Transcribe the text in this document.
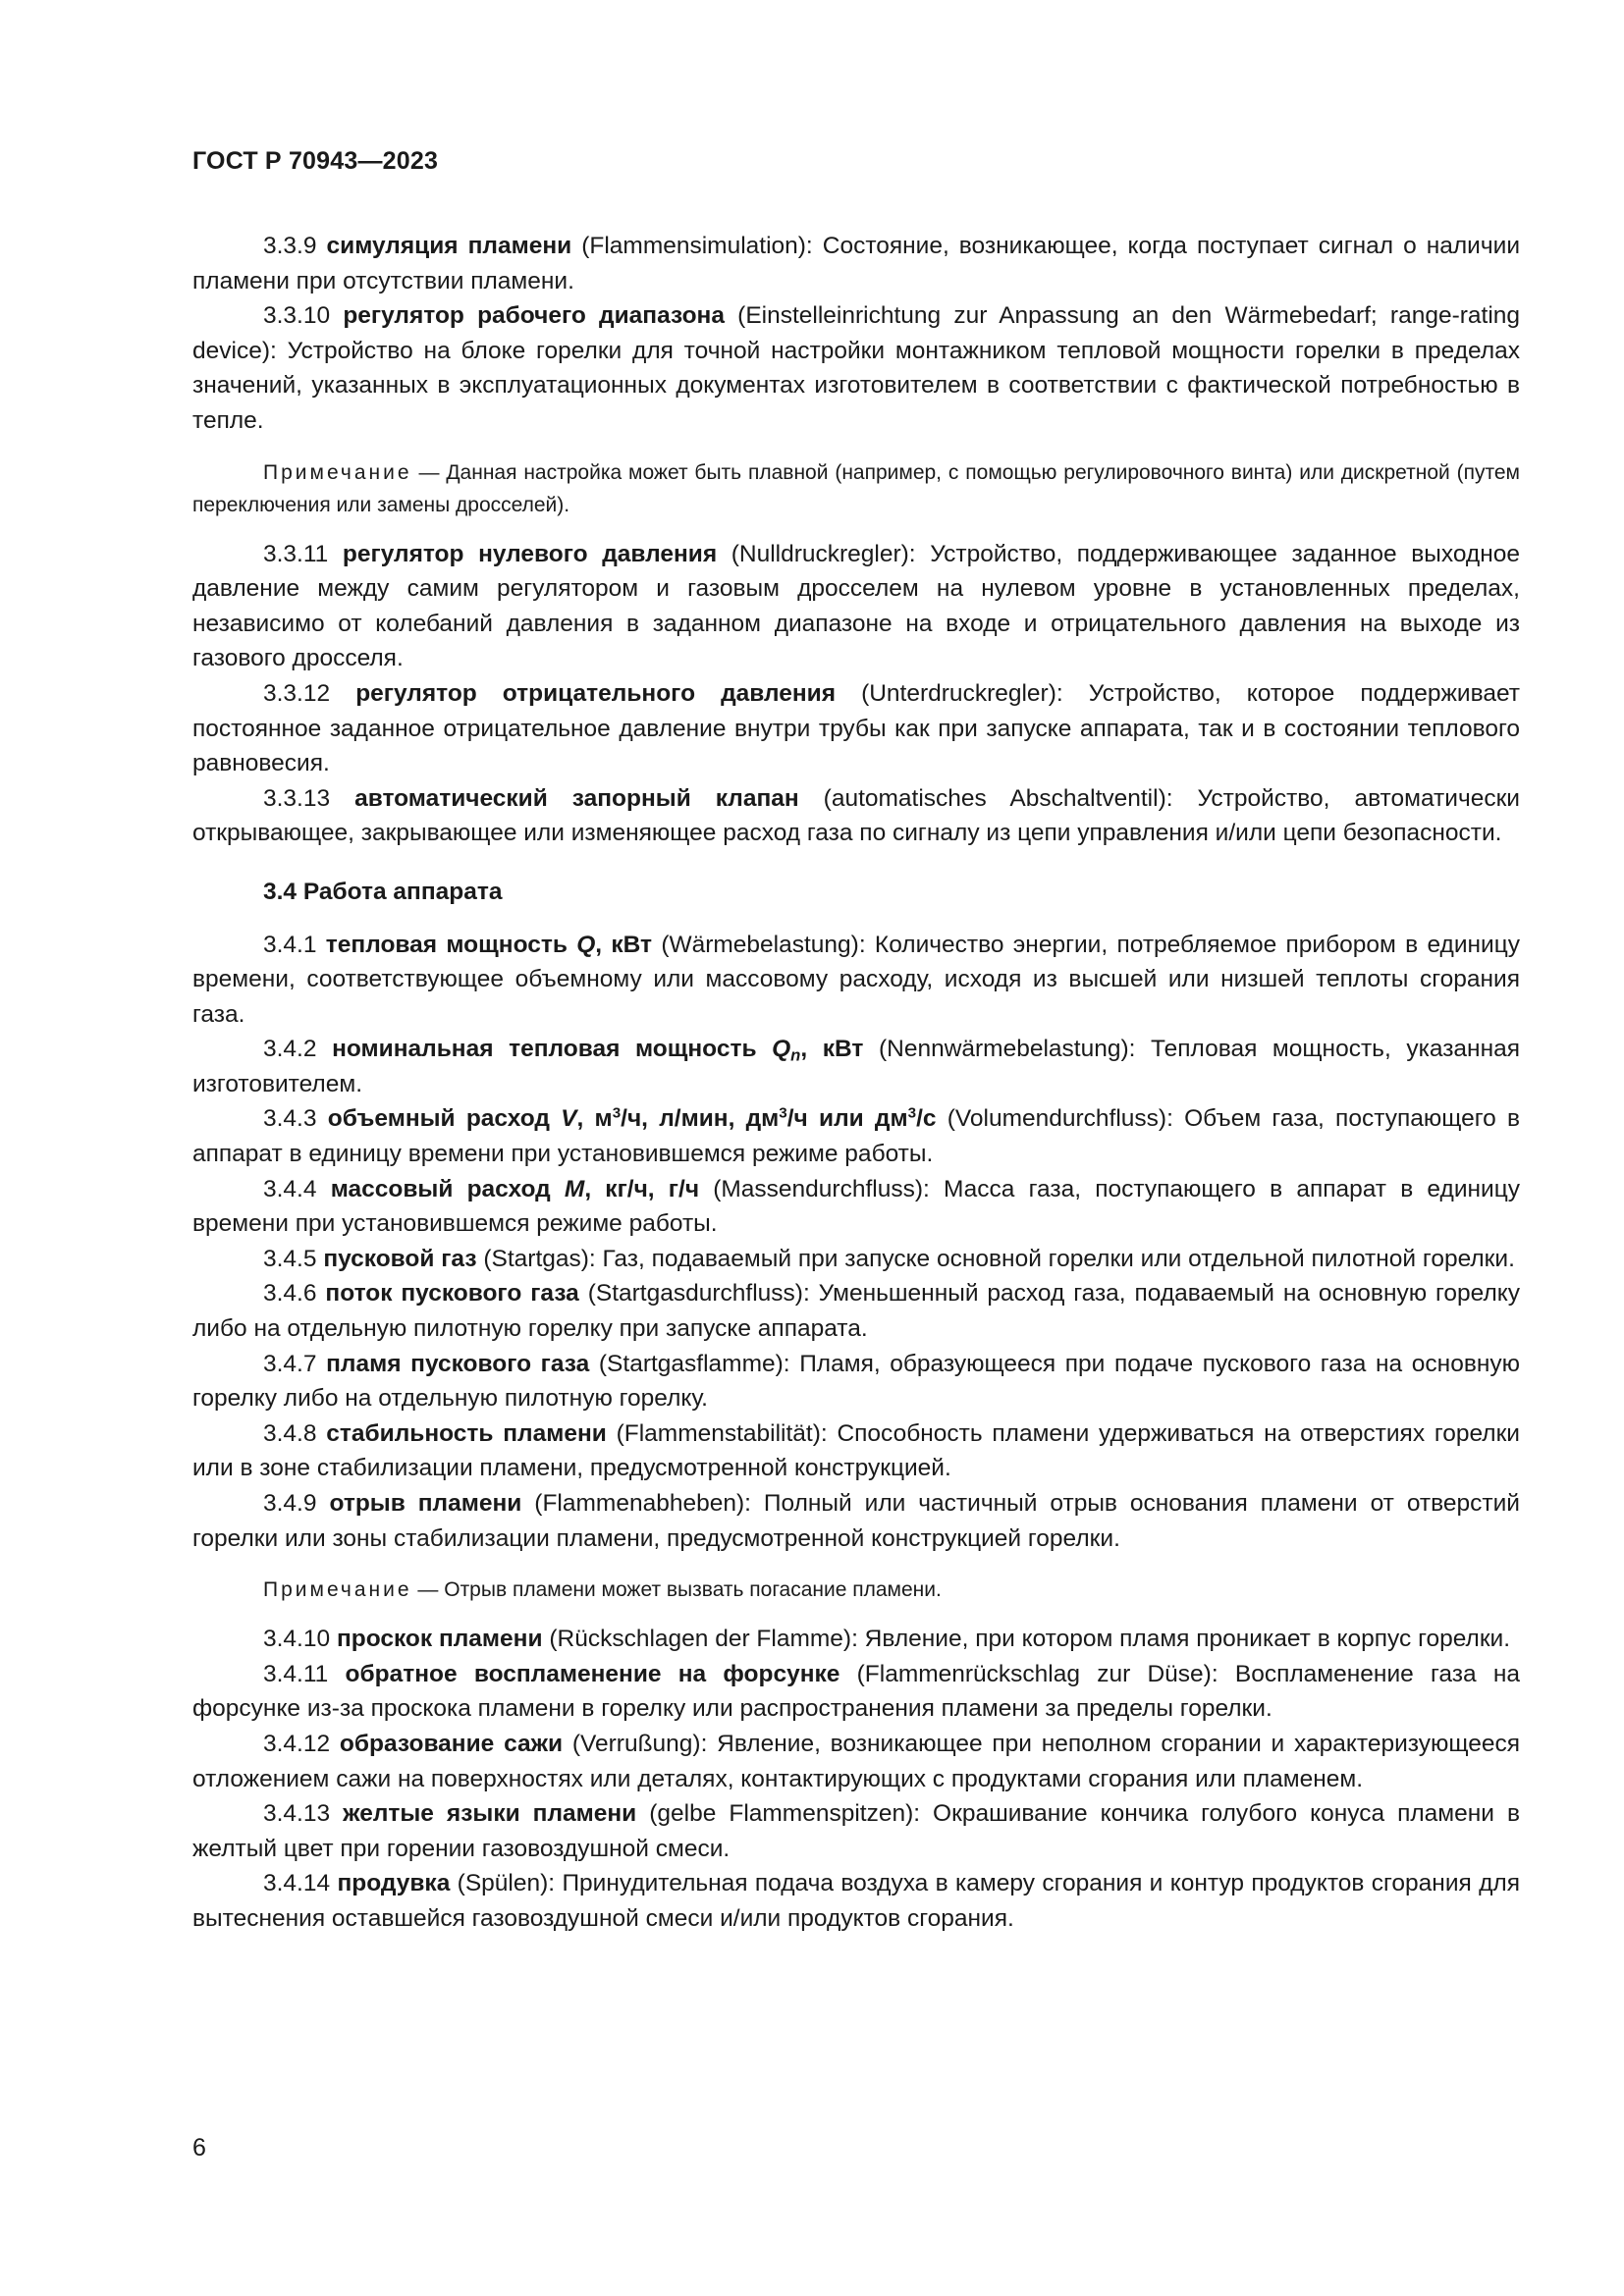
ГОСТ Р 70943—2023

3.3.9 симуляция пламени (Flammensimulation): Состояние, возникающее, когда поступает сигнал о наличии пламени при отсутствии пламени.

3.3.10 регулятор рабочего диапазона (Einstelleinrichtung zur Anpassung an den Wärmebedarf; range-rating device): Устройство на блоке горелки для точной настройки монтажником тепловой мощности горелки в пределах значений, указанных в эксплуатационных документах изготовителем в соответствии с фактической потребностью в тепле.

Примечание — Данная настройка может быть плавной (например, с помощью регулировочного винта) или дискретной (путем переключения или замены дросселей).

3.3.11 регулятор нулевого давления (Nulldruckregler): Устройство, поддерживающее заданное выходное давление между самим регулятором и газовым дросселем на нулевом уровне в установленных пределах, независимо от колебаний давления в заданном диапазоне на входе и отрицательного давления на выходе из газового дросселя.

3.3.12 регулятор отрицательного давления (Unterdruckregler): Устройство, которое поддерживает постоянное заданное отрицательное давление внутри трубы как при запуске аппарата, так и в состоянии теплового равновесия.

3.3.13 автоматический запорный клапан (automatisches Abschaltventil): Устройство, автоматически открывающее, закрывающее или изменяющее расход газа по сигналу из цепи управления и/или цепи безопасности.

3.4 Работа аппарата

3.4.1 тепловая мощность Q, кВт (Wärmebelastung): Количество энергии, потребляемое прибором в единицу времени, соответствующее объемному или массовому расходу, исходя из высшей или низшей теплоты сгорания газа.

3.4.2 номинальная тепловая мощность $Q_n$, кВт (Nennwärmebelastung): Тепловая мощность, указанная изготовителем.

3.4.3 объемный расход V, $м^3/ч$, л/мин, $дм^3/ч$ или $дм^3/с$ (Volumendurchfluss): Объем газа, поступающего в аппарат в единицу времени при установившемся режиме работы.

3.4.4 массовый расход M, кг/ч, г/ч (Massendurchfluss): Масса газа, поступающего в аппарат в единицу времени при установившемся режиме работы.

3.4.5 пусковой газ (Startgas): Газ, подаваемый при запуске основной горелки или отдельной пилотной горелки.

3.4.6 поток пускового газа (Startgasdurchfluss): Уменьшенный расход газа, подаваемый на основную горелку либо на отдельную пилотную горелку при запуске аппарата.

3.4.7 пламя пускового газа (Startgasflamme): Пламя, образующееся при подаче пускового газа на основную горелку либо на отдельную пилотную горелку.

3.4.8 стабильность пламени (Flammenstabilität): Способность пламени удерживаться на отверстиях горелки или в зоне стабилизации пламени, предусмотренной конструкцией.

3.4.9 отрыв пламени (Flammenabheben): Полный или частичный отрыв основания пламени от отверстий горелки или зоны стабилизации пламени, предусмотренной конструкцией горелки.

Примечание — Отрыв пламени может вызвать погасание пламени.

3.4.10 проскок пламени (Rückschlagen der Flamme): Явление, при котором пламя проникает в корпус горелки.

3.4.11 обратное воспламенение на форсунке (Flammenrückschlag zur Düse): Воспламенение газа на форсунке из-за проскока пламени в горелку или распространения пламени за пределы горелки.

3.4.12 образование сажи (Verrußung): Явление, возникающее при неполном сгорании и характеризующееся отложением сажи на поверхностях или деталях, контактирующих с продуктами сгорания или пламенем.

3.4.13 желтые языки пламени (gelbe Flammenspitzen): Окрашивание кончика голубого конуса пламени в желтый цвет при горении газовоздушной смеси.

3.4.14 продувка (Spülen): Принудительная подача воздуха в камеру сгорания и контур продуктов сгорания для вытеснения оставшейся газовоздушной смеси и/или продуктов сгорания.

6
